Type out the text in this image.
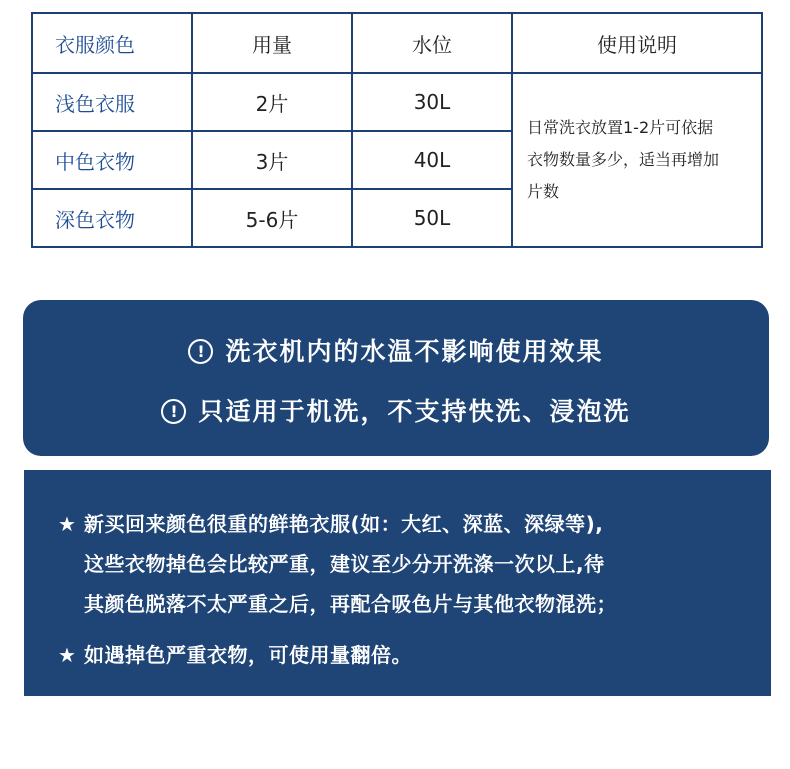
衣服颜色	用量	水位	使用说明
浅色衣服	2片	30L	日常洗衣放置1-2片可依据
衣物数量多少，适当再增加
片数

中色衣物	3片	40L	
深色衣物	5-6片	50L	
! 洗衣机内的水温不影响使用效果
! 只适用于机洗，不支持快洗、浸泡洗
★ 新买回来颜色很重的鲜艳衣服(如：大红、深蓝、深绿等),
这些衣物掉色会比较严重，建议至少分开洗涤一次以上,待
其颜色脱落不太严重之后，再配合吸色片与其他衣物混洗；
★ 如遇掉色严重衣物，可使用量翻倍。
